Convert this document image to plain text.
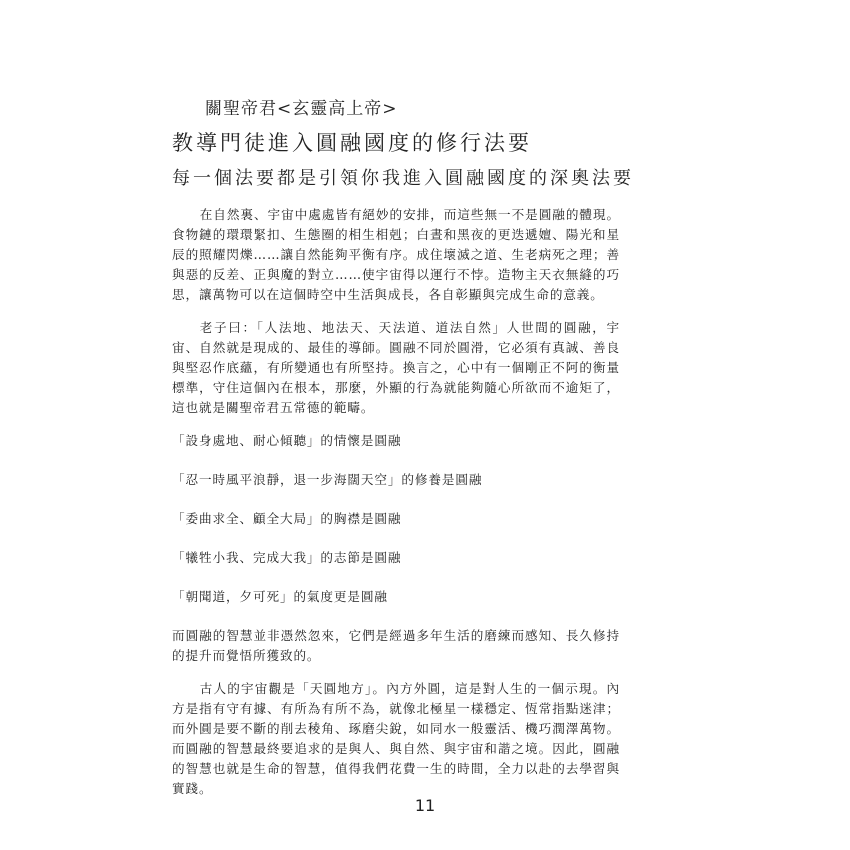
關聖帝君<玄靈高上帝>
教導門徒進入圓融國度的修行法要
每一個法要都是引領你我進入圓融國度的深奧法要

在自然裏、宇宙中處處皆有絕妙的安排，而這些無一不是圓融的體現。食物鏈的環環緊扣、生態圈的相生相剋；白晝和黑夜的更迭遞嬗、陽光和星辰的照耀閃爍……讓自然能夠平衡有序。成住壞滅之道、生老病死之理；善與惡的反差、正與魔的對立……使宇宙得以運行不悖。造物主天衣無縫的巧思，讓萬物可以在這個時空中生活與成長，各自彰顯與完成生命的意義。

老子曰：「人法地、地法天、天法道、道法自然」人世間的圓融，宇宙、自然就是現成的、最佳的導師。圓融不同於圓滑，它必須有真誠、善良與堅忍作底蘊，有所變通也有所堅持。換言之，心中有一個剛正不阿的衡量標準，守住這個內在根本，那麼，外顯的行為就能夠隨心所欲而不逾矩了，這也就是關聖帝君五常德的範疇。

「設身處地、耐心傾聽」的情懷是圓融

「忍一時風平浪靜，退一步海闊天空」的修養是圓融

「委曲求全、顧全大局」的胸襟是圓融

「犧牲小我、完成大我」的志節是圓融

「朝聞道，夕可死」的氣度更是圓融

而圓融的智慧並非憑然忽來，它們是經過多年生活的磨練而感知、長久修持的提升而覺悟所獲致的。

古人的宇宙觀是「天圓地方」。內方外圓，這是對人生的一個示現。內方是指有守有據、有所為有所不為，就像北極星一樣穩定、恆常指點迷津；而外圓是要不斷的削去稜角、琢磨尖銳，如同水一般靈活、機巧潤澤萬物。而圓融的智慧最終要追求的是與人、與自然、與宇宙和諧之境。因此，圓融的智慧也就是生命的智慧，值得我們花費一生的時間，全力以赴的去學習與實踐。

11
